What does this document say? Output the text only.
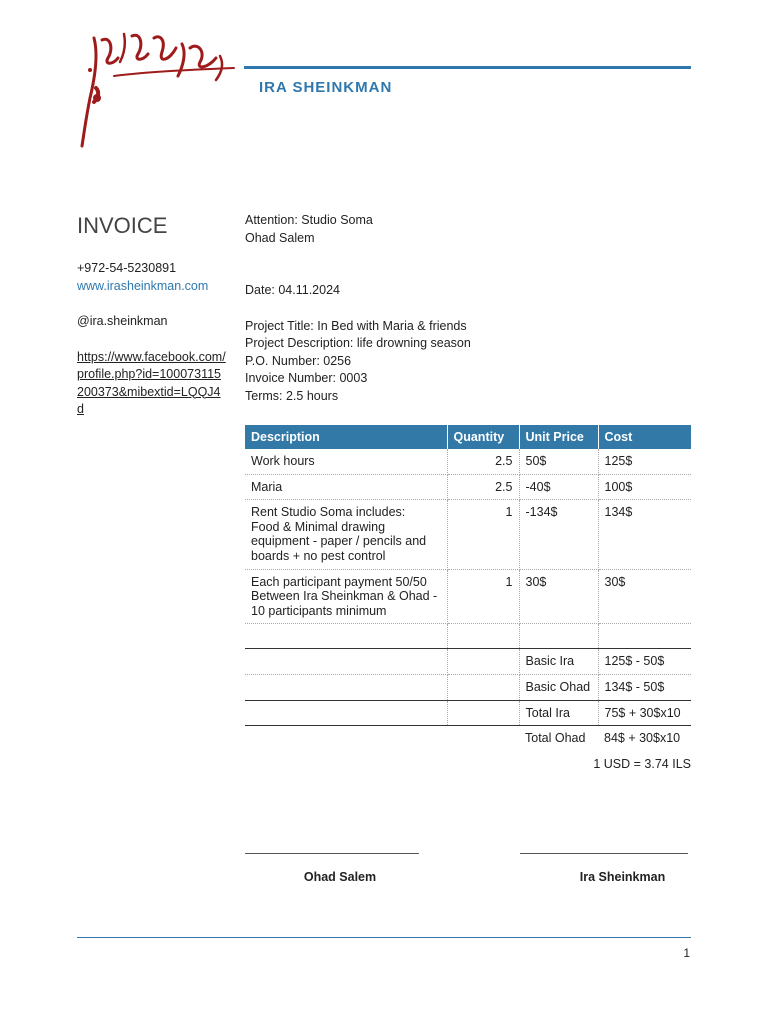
IRA SHEINKMAN
INVOICE
+972-54-5230891
www.irasheinkman.com
@ira.sheinkman
https://www.facebook.com/profile.php?id=100073115200373&mibextid=LQQJ4d
Attention: Studio Soma
Ohad Salem
Date: 04.11.2024
Project Title: In Bed with Maria & friends
Project Description: life drowning season
P.O. Number: 0256
Invoice Number: 0003
Terms: 2.5 hours
Description	Quantity	Unit Price	Cost
Work hours	2.5	50$	125$
Maria	2.5	-40$	100$
Rent Studio Soma includes:
Food & Minimal drawing equipment - paper / pencils and boards + no pest control	1	-134$	134$
Each participant payment 50/50 Between Ira Sheinkman & Ohad - 10 participants minimum	1	30$	30$

		Basic Ira	125$ - 50$
		Basic Ohad	134$ - 50$
		Total Ira	75$ + 30$x10
		Total Ohad	84$ + 30$x10
1 USD = 3.74 ILS
Ohad Salem	Ira Sheinkman
1
